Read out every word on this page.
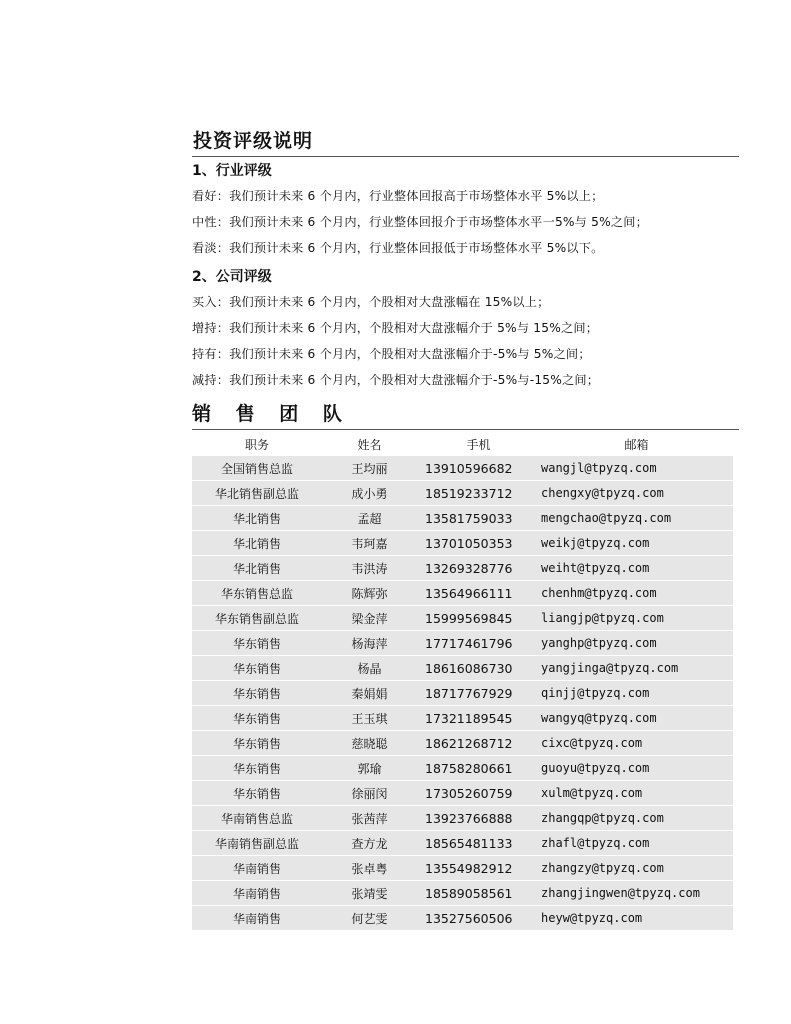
投资评级说明
1、行业评级
看好：我们预计未来 6 个月内，行业整体回报高于市场整体水平 5%以上；
中性：我们预计未来 6 个月内，行业整体回报介于市场整体水平一5%与 5%之间；
看淡：我们预计未来 6 个月内，行业整体回报低于市场整体水平 5%以下。
2、公司评级
买入：我们预计未来 6 个月内，个股相对大盘涨幅在 15%以上；
增持：我们预计未来 6 个月内，个股相对大盘涨幅介于 5%与 15%之间；
持有：我们预计未来 6 个月内，个股相对大盘涨幅介于-5%与 5%之间；
减持：我们预计未来 6 个月内，个股相对大盘涨幅介于-5%与-15%之间；
销 售 团 队
职务	姓名	手机	邮箱
全国销售总监	王均丽	13910596682	wangjl@tpyzq.com
华北销售副总监	成小勇	18519233712	chengxy@tpyzq.com
华北销售	孟超	13581759033	mengchao@tpyzq.com
华北销售	韦珂嘉	13701050353	weikj@tpyzq.com
华北销售	韦洪涛	13269328776	weiht@tpyzq.com
华东销售总监	陈辉弥	13564966111	chenhm@tpyzq.com
华东销售副总监	梁金萍	15999569845	liangjp@tpyzq.com
华东销售	杨海萍	17717461796	yanghp@tpyzq.com
华东销售	杨晶	18616086730	yangjinga@tpyzq.com
华东销售	秦娟娟	18717767929	qinjj@tpyzq.com
华东销售	王玉琪	17321189545	wangyq@tpyzq.com
华东销售	慈晓聪	18621268712	cixc@tpyzq.com
华东销售	郭瑜	18758280661	guoyu@tpyzq.com
华东销售	徐丽闵	17305260759	xulm@tpyzq.com
华南销售总监	张茜萍	13923766888	zhangqp@tpyzq.com
华南销售副总监	查方龙	18565481133	zhafl@tpyzq.com
华南销售	张卓粤	13554982912	zhangzy@tpyzq.com
华南销售	张靖雯	18589058561	zhangjingwen@tpyzq.com
华南销售	何艺雯	13527560506	heyw@tpyzq.com
